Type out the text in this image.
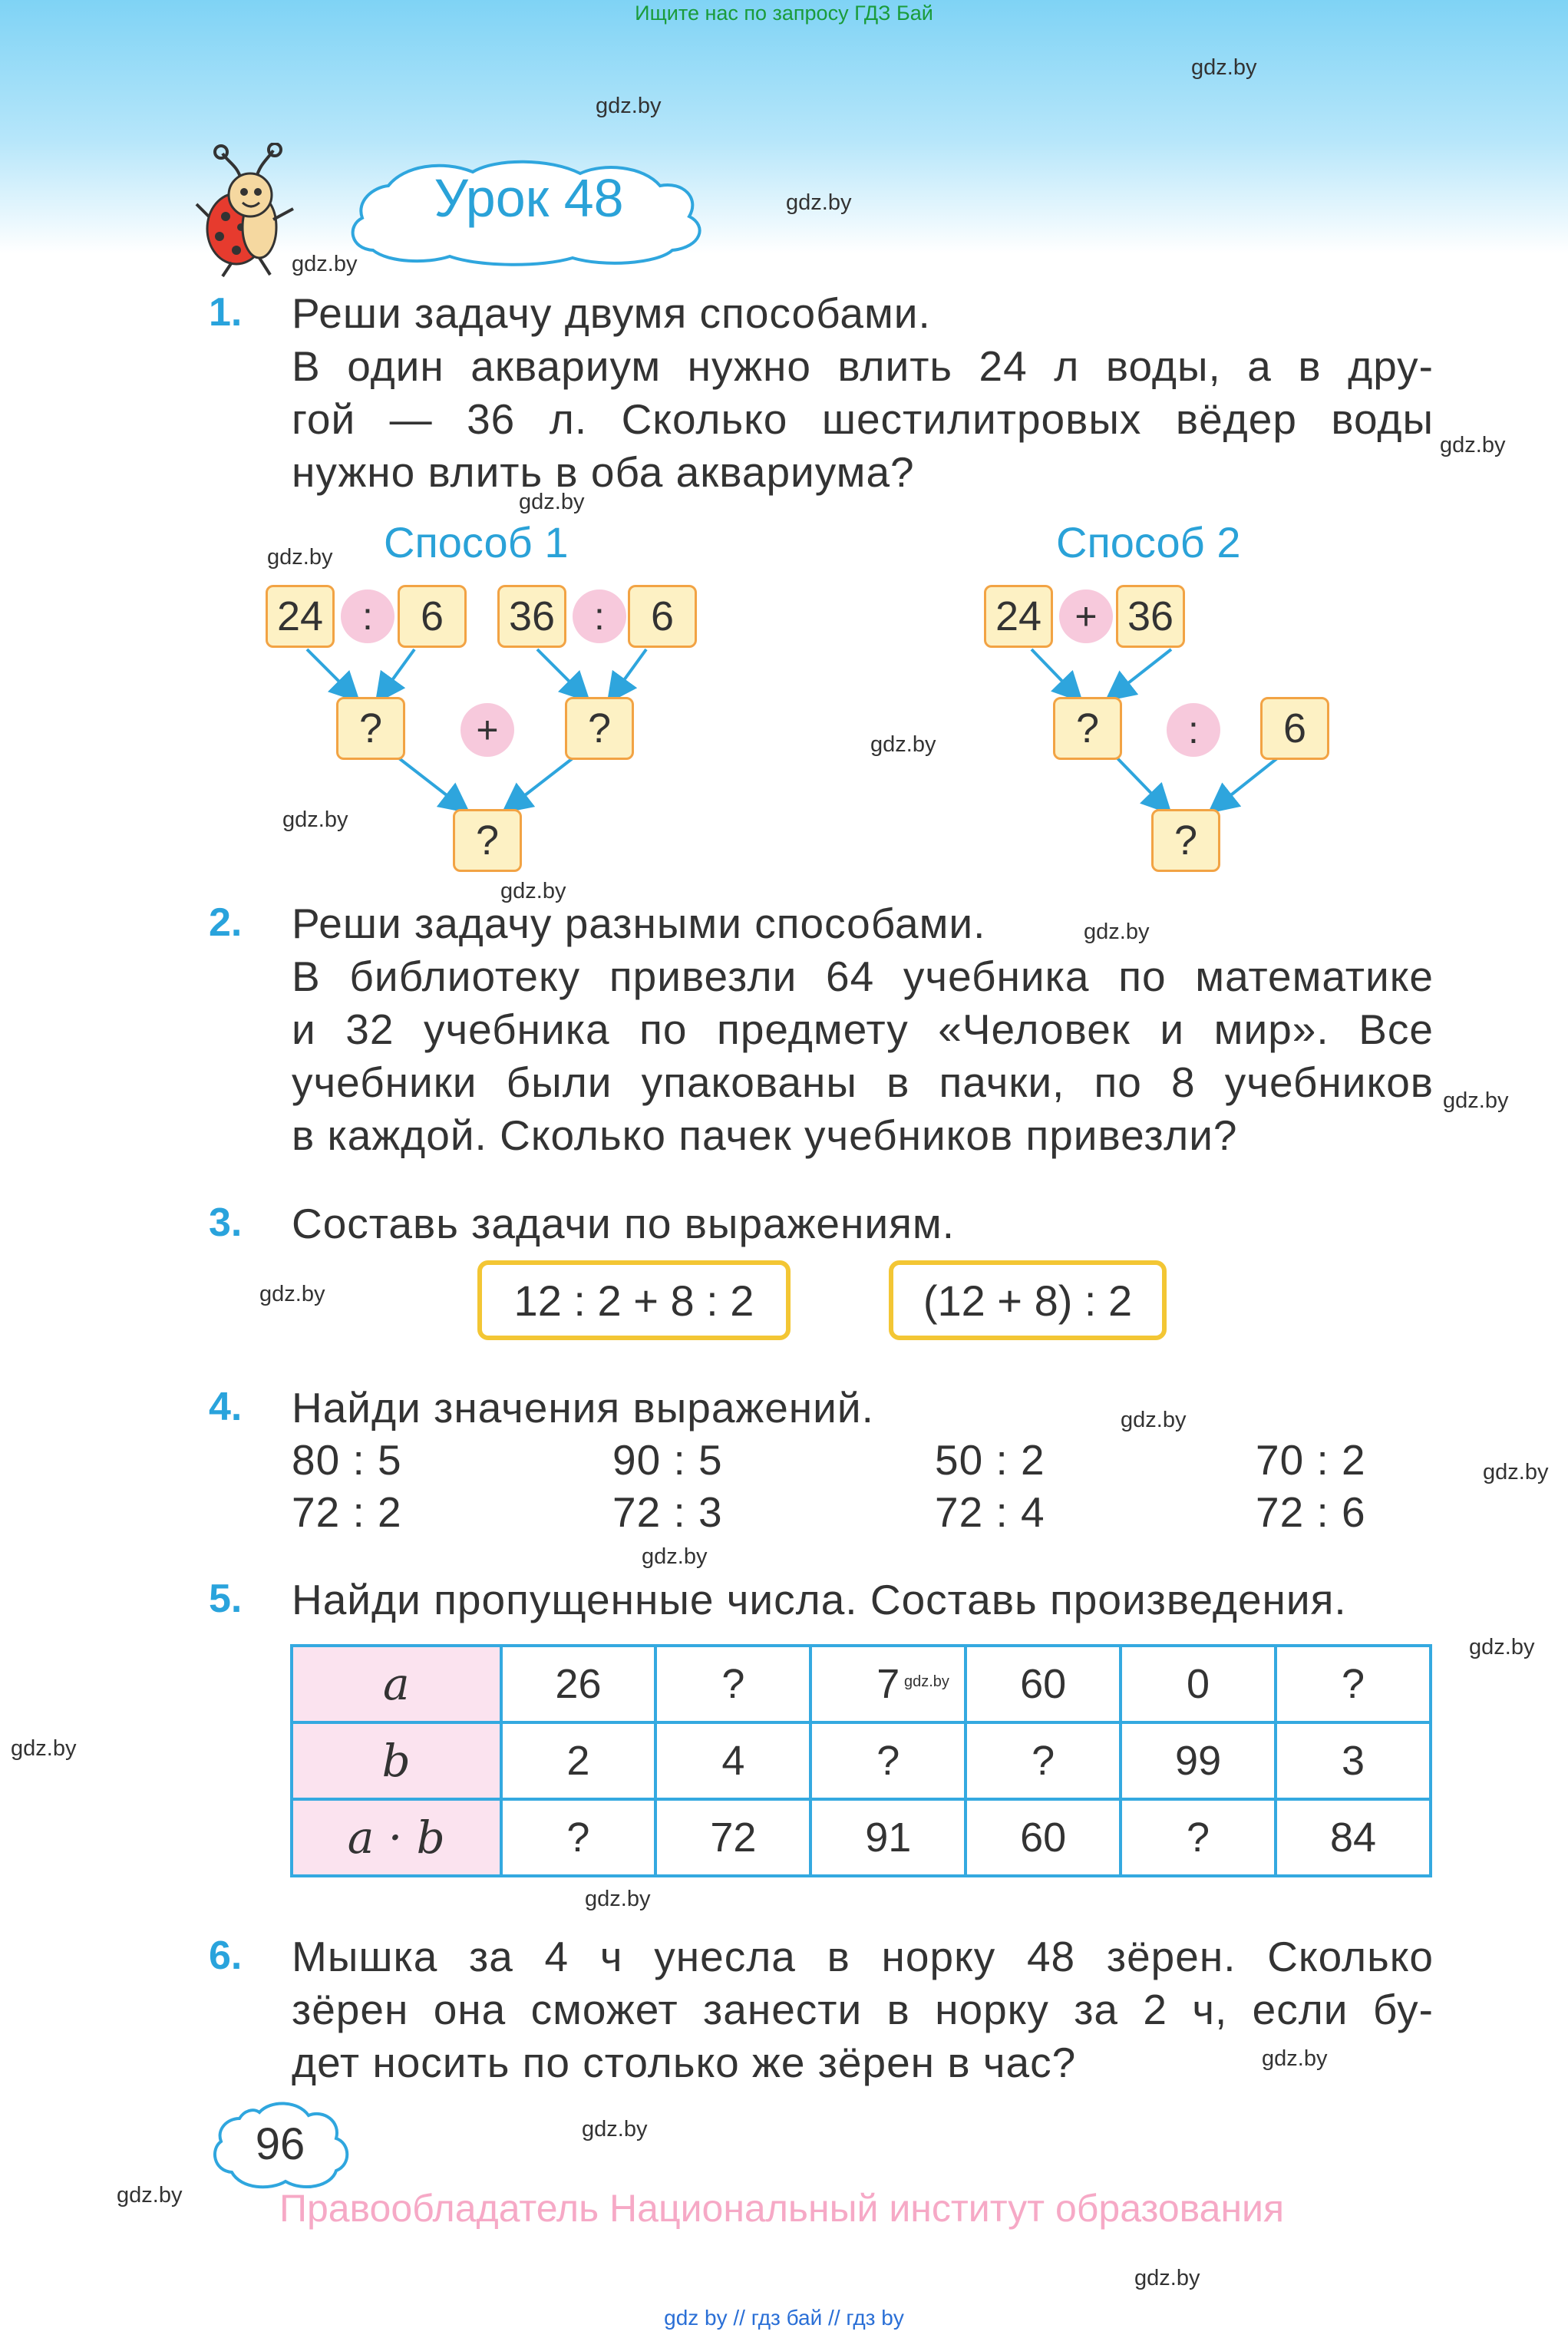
Ищите нас по запросу ГДЗ Бай
gdz.by
gdz.by
gdz.by
gdz.by
gdz.by
gdz.by
gdz.by
gdz.by
gdz.by
gdz.by
gdz.by
gdz.by
gdz.by
gdz.by
gdz.by
gdz.by
gdz.by
gdz.by
gdz.by
gdz.by
gdz.by
gdz.by
gdz.by
Урок 48
1. Реши задачу двумя способами.
В один аквариум нужно влить 24 л воды, а в дру-
гой — 36 л. Сколько шестилитровых вёдер воды
нужно влить в оба аквариума?
Способ 1	Способ 2
24	:	6	36	:	6
?	+	?
?
24 + 36
?	:	6
?
2. Реши задачу разными способами.
В библиотеку привезли 64 учебника по математике
и 32 учебника по предмету «Человек и мир». Все
учебники были упакованы в пачки, по 8 учебников
в каждой. Сколько пачек учебников привезли?
3. Составь задачи по выражениям.
12 : 2 + 8 : 2	(12 + 8) : 2
4. Найди значения выражений.
80 : 5	90 : 5	50 : 2	70 : 2
72 : 2	72 : 3	72 : 4	72 : 6
5. Найди пропущенные числа. Составь произведения.
a	26	?	7	60	0	?
b	2	4	?	?	99	3
a · b	?	72	91	60	?	84
gdz.by
6. Мышка за 4 ч унесла в норку 48 зёрен. Сколько
зёрен она сможет занести в норку за 2 ч, если бу-
дет носить по столько же зёрен в час?
96
Правообладатель Национальный институт образования
gdz by // гдз бай // гдз by
